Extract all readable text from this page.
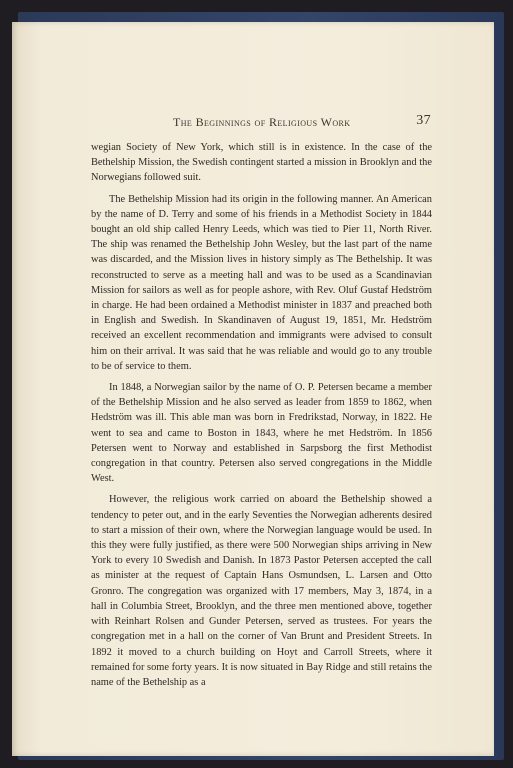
The Beginnings of Religious Work	37

wegian Society of New York, which still is in existence. In the case of the Bethelship Mission, the Swedish contingent started a mission in Brooklyn and the Norwegians followed suit.

The Bethelship Mission had its origin in the following manner. An American by the name of D. Terry and some of his friends in a Methodist Society in 1844 bought an old ship called Henry Leeds, which was tied to Pier 11, North River. The ship was renamed the Bethelship John Wesley, but the last part of the name was discarded, and the Mission lives in history simply as The Bethelship. It was reconstructed to serve as a meeting hall and was to be used as a Scandinavian Mission for sailors as well as for people ashore, with Rev. Oluf Gustaf Hedström in charge. He had been ordained a Methodist minister in 1837 and preached both in English and Swedish. In Skandinaven of August 19, 1851, Mr. Hedström received an excellent recommendation and immigrants were advised to consult him on their arrival. It was said that he was reliable and would go to any trouble to be of service to them.

In 1848, a Norwegian sailor by the name of O. P. Petersen became a member of the Bethelship Mission and he also served as leader from 1859 to 1862, when Hedström was ill. This able man was born in Fredrikstad, Norway, in 1822. He went to sea and came to Boston in 1843, where he met Hedström. In 1856 Petersen went to Norway and established in Sarpsborg the first Methodist congregation in that country. Petersen also served congregations in the Middle West.

However, the religious work carried on aboard the Bethelship showed a tendency to peter out, and in the early Seventies the Norwegian adherents desired to start a mission of their own, where the Norwegian language would be used. In this they were fully justified, as there were 500 Norwegian ships arriving in New York to every 10 Swedish and Danish. In 1873 Pastor Petersen accepted the call as minister at the request of Captain Hans Osmundsen, L. Larsen and Otto Gronro. The congregation was organized with 17 members, May 3, 1874, in a hall in Columbia Street, Brooklyn, and the three men mentioned above, together with Reinhart Rolsen and Gunder Petersen, served as trustees. For years the congregation met in a hall on the corner of Van Brunt and President Streets. In 1892 it moved to a church building on Hoyt and Carroll Streets, where it remained for some forty years. It is now situated in Bay Ridge and still retains the name of the Bethelship as a
